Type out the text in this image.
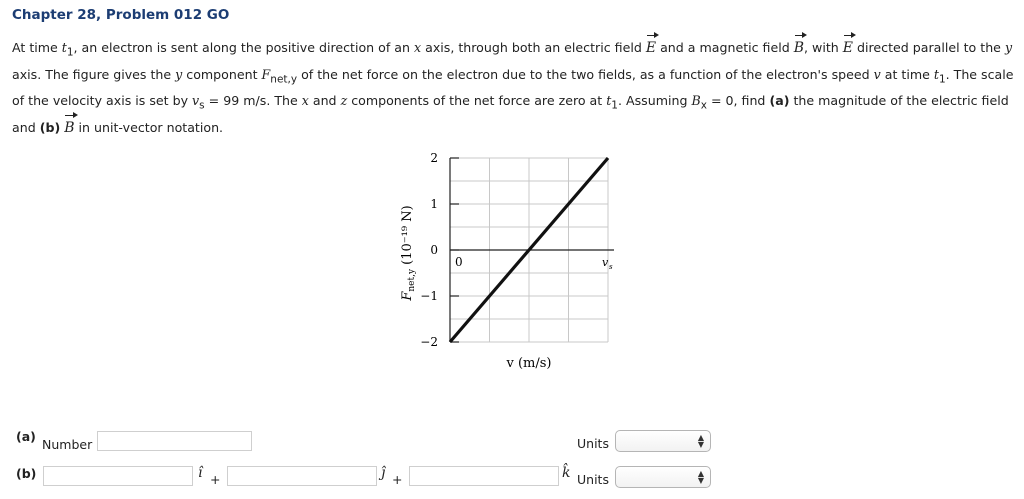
Chapter 28, Problem 012 GO
At time $t_1$, an electron is sent along the positive direction of an x axis, through both an electric field E and a magnetic field B, with E directed parallel to the y axis. The figure gives the y component $F_{net,y}$ of the net force on the electron due to the two fields, as a function of the electron's speed v at time $t_1$. The scale of the velocity axis is set by $v_s = 99$ m/s. The x and z components of the net force are zero at $t_1$. Assuming $B_x = 0$, find (a) the magnitude of the electric field and (b) B in unit-vector notation.
2
1
0
−1
−2
0	v s
v (m/s)
$F_{net,y}$ (10⁻¹⁹ N)
(a)
Number	Units	▲
▼
(b)	î +	ĵ +	k̂ Units	▲
▼
